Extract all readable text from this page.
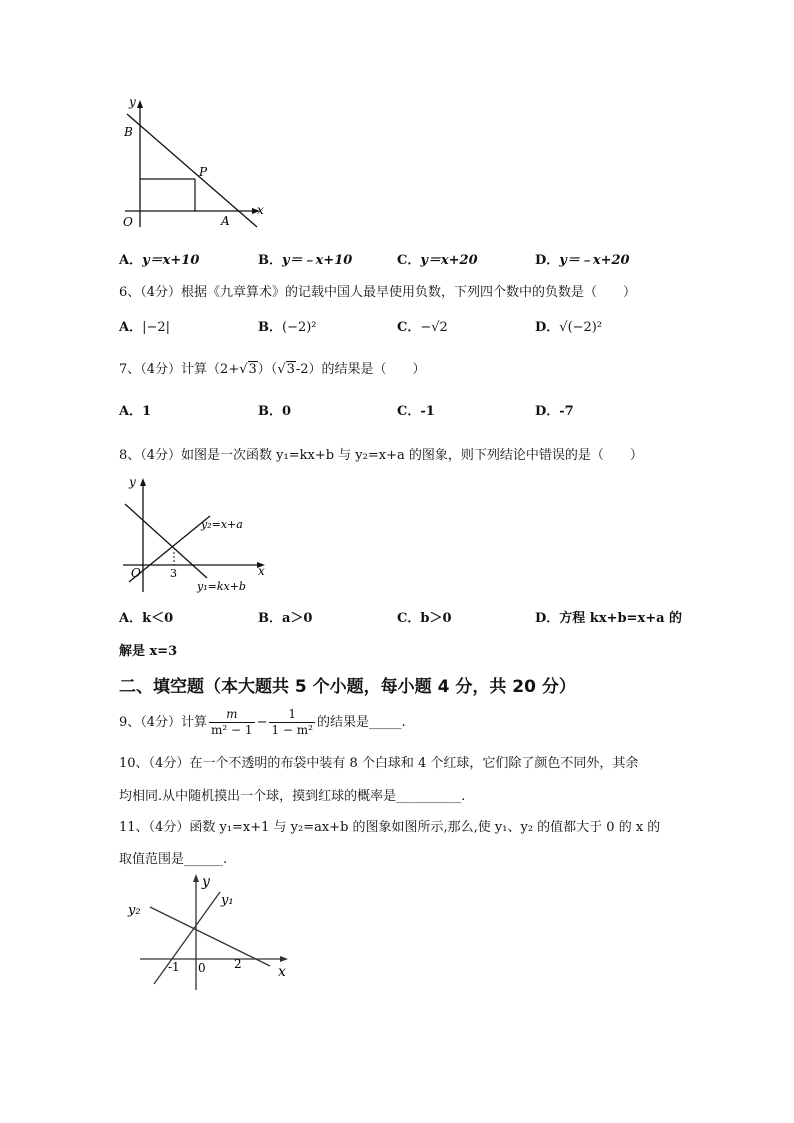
y
B
P
O	A
x
A．y＝x+10	B．y＝﹣x+10	C．y＝x+20	D．y＝﹣x+20
6、（4分）根据《九章算术》的记载中国人最早使用负数，下列四个数中的负数是（　　）
A．|−2|	B．(−2)²	C．−√2	D．√(−2)²
7、（4分）计算（2+√3）（√3-2）的结果是（　　）
A．1	B．0	C．-1	D．-7
8、（4分）如图是一次函数 y₁=kx+b 与 y₂=x+a 的图象，则下列结论中错误的是（　　）
y
y₂=x+a
O	3	x
y₁=kx+b
A．k＜0	B．a＞0	C．b＞0	D．方程 kx+b=x+a 的
解是 x=3
二、填空题（本大题共 5 个小题，每小题 4 分，共 20 分）
9、（4分）计算 $\frac{m}{\text{m² − 1}} - \frac{1}{\text{1 − m²}}$ 的结果是_____.
10、（4分）在一个不透明的布袋中装有 8 个白球和 4 个红球，它们除了颜色不同外，其余
均相同.从中随机摸出一个球，摸到红球的概率是__________.
11、（4分）函数 y₁=x+1 与 y₂=ax+b 的图象如图所示,那么,使 y₁、y₂ 的值都大于 0 的 x 的
取值范围是______.
y
y₁
y₂
-1 0 2	x
